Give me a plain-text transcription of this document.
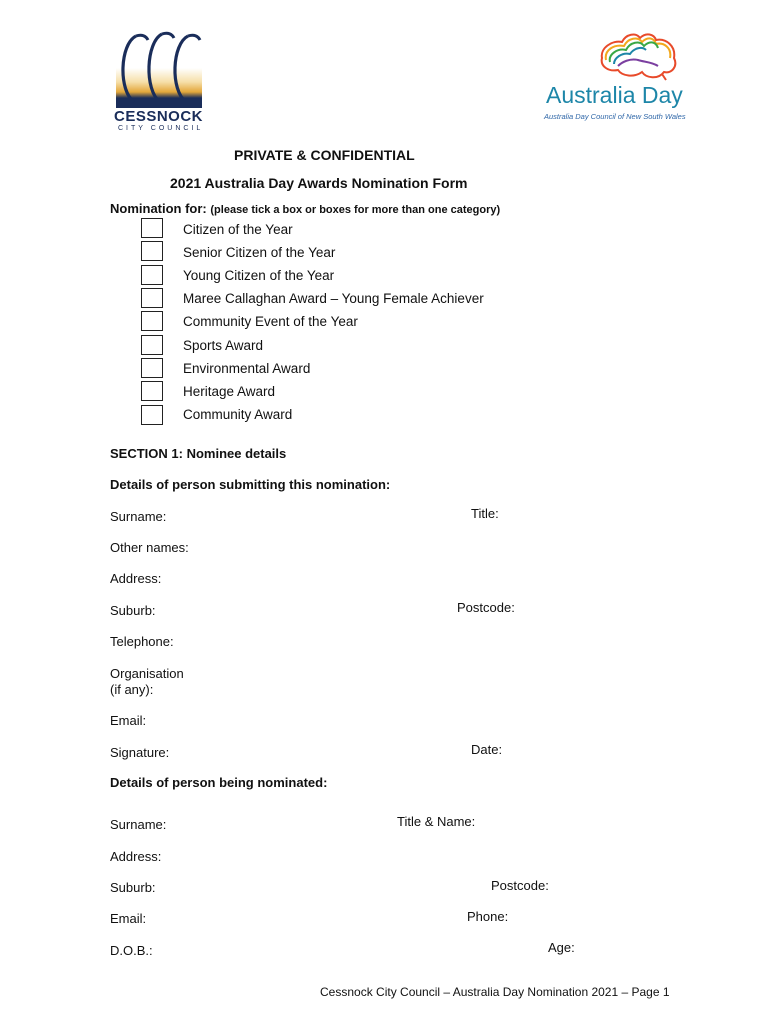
CESSNOCK
CITY COUNCIL
Australia Day
Australia Day Council of New South Wales
PRIVATE & CONFIDENTIAL
2021 Australia Day Awards Nomination Form
Nomination for: (please tick a box or boxes for more than one category)
Citizen of the Year
Senior Citizen of the Year
Young Citizen of the Year
Maree Callaghan Award – Young Female Achiever
Community Event of the Year
Sports Award
Environmental Award
Heritage Award
Community Award
SECTION 1: Nominee details
Details of person submitting this nomination:
Surname:	Title:
Other names:
Address:
Suburb:	Postcode:
Telephone:
Organisation
(if any):
Email:
Signature:	Date:
Details of person being nominated:
Surname:	Title & Name:
Address:
Suburb:	Postcode:
Email:	Phone:
D.O.B.:	Age:
Cessnock City Council – Australia Day Nomination 2021 – Page 1
